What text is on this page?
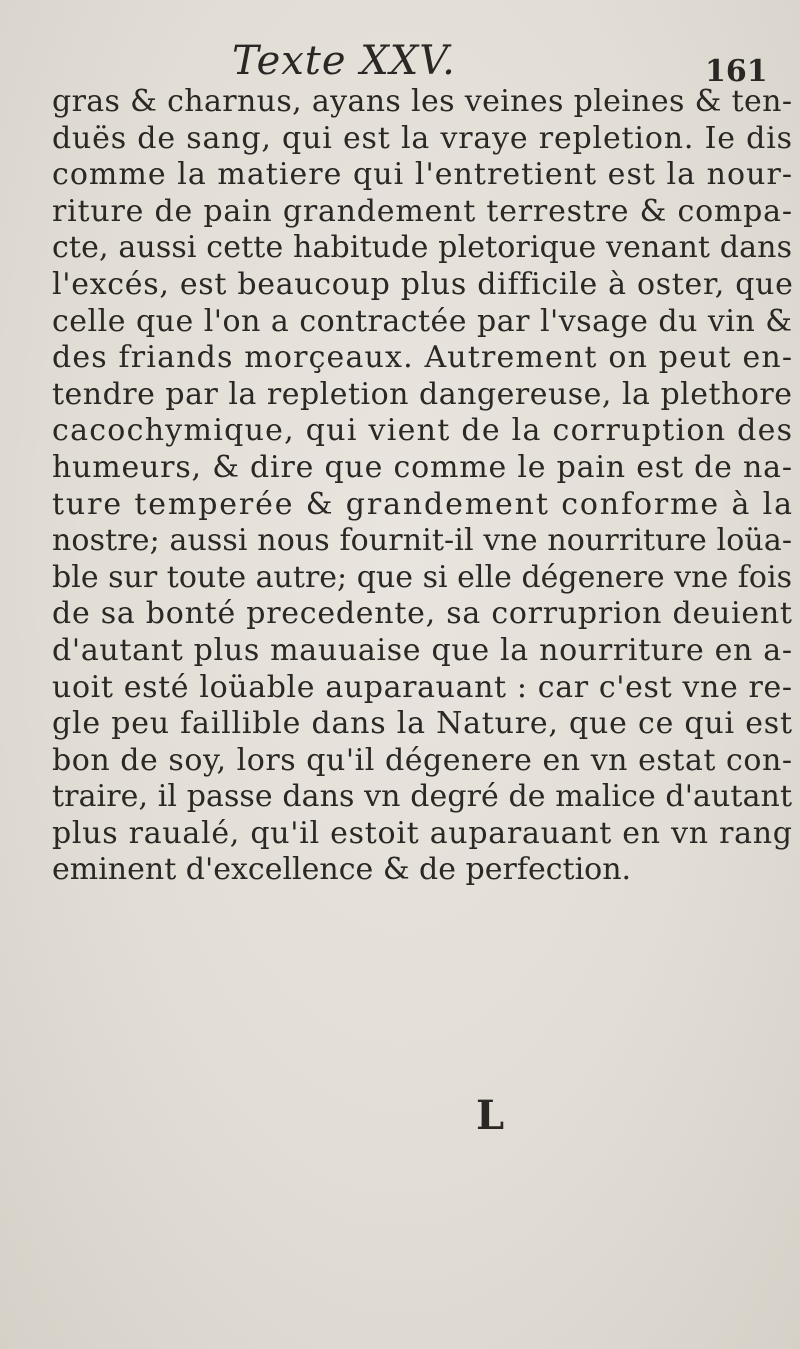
Texte XXV.	161
gras & charnus, ayans les veines pleines & ten-
duës de sang, qui est la vraye repletion. Ie dis
comme la matiere qui l'entretient est la nour-
riture de pain grandement terrestre & compa-
cte, aussi cette habitude pletorique venant dans
l'excés, est beaucoup plus difficile à oster, que
celle que l'on a contractée par l'vsage du vin &
des friands morçeaux. Autrement on peut en-
tendre par la repletion dangereuse, la plethore
cacochymique, qui vient de la corruption des
humeurs, & dire que comme le pain est de na-
ture temperée & grandement conforme à la
nostre; aussi nous fournit-il vne nourriture loüa-
ble sur toute autre; que si elle dégenere vne fois
de sa bonté precedente, sa corruprion deuient
d'autant plus mauuaise que la nourriture en a-
uoit esté loüable auparauant : car c'est vne re-
gle peu faillible dans la Nature, que ce qui est
bon de soy, lors qu'il dégenere en vn estat con-
traire, il passe dans vn degré de malice d'autant
plus raualé, qu'il estoit auparauant en vn rang
eminent d'excellence & de perfection.
L
